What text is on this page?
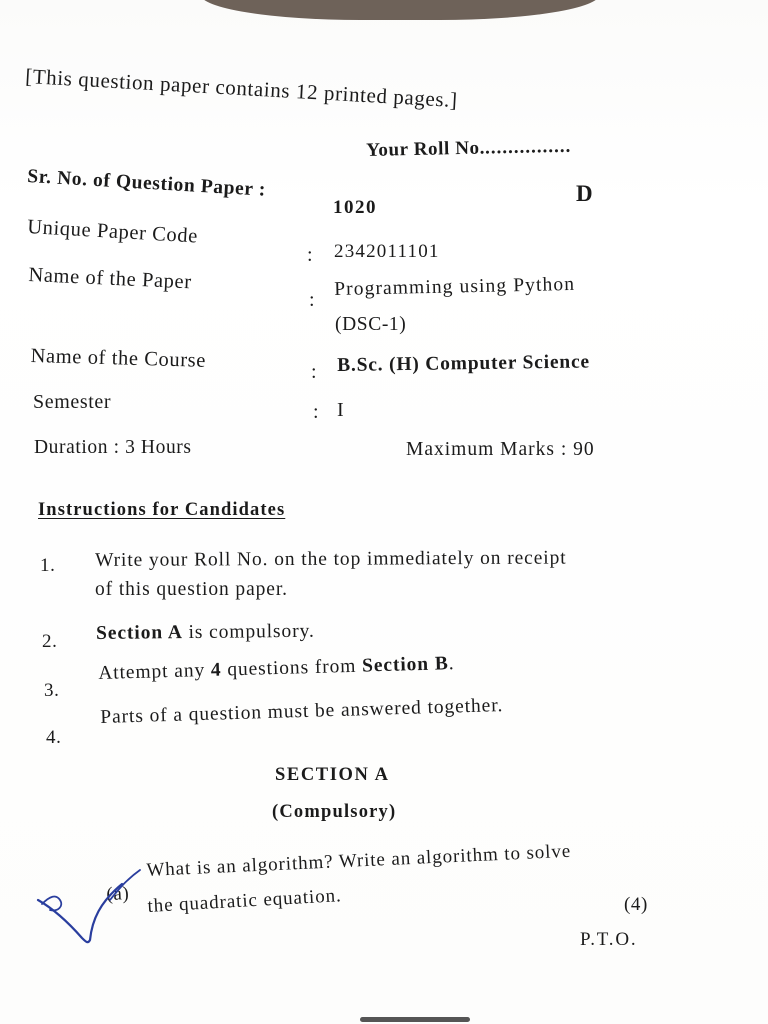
[This question paper contains 12 printed pages.]
Your Roll No................
D
Sr. No. of Question Paper :
1020
Unique Paper Code
: 2342011101
Name of the Paper
:
Programming using Python
(DSC-1)
Name of the Course
: B.Sc. (H) Computer Science
Semester	: I
Duration : 3 Hours	Maximum Marks : 90
Instructions for Candidates
1. Write your Roll No. on the top immediately on receipt
of this question paper.
2. Section A is compulsory.
3.
Attempt any 4 questions from Section B.
4.
Parts of a question must be answered together.
SECTION A
(Compulsory)
(a)
What is an algorithm? Write an algorithm to solve
the quadratic equation.	(4)
P.T.O.
